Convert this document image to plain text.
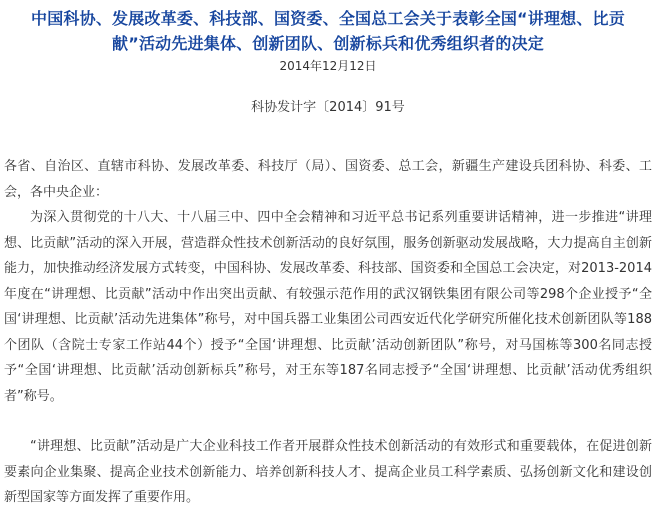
中国科协、发展改革委、科技部、国资委、全国总工会关于表彰全国“讲理想、比贡献”活动先进集体、创新团队、创新标兵和优秀组织者的决定
2014年12月12日
科协发计字〔2014〕91号

各省、自治区、直辖市科协、发展改革委、科技厅（局）、国资委、总工会，新疆生产建设兵团科协、科委、工会，各中央企业：

为深入贯彻党的十八大、十八届三中、四中全会精神和习近平总书记系列重要讲话精神，进一步推进“讲理想、比贡献”活动的深入开展，营造群众性技术创新活动的良好氛围，服务创新驱动发展战略，大力提高自主创新能力，加快推动经济发展方式转变，中国科协、发展改革委、科技部、国资委和全国总工会决定，对2013-2014年度在“讲理想、比贡献”活动中作出突出贡献、有较强示范作用的武汉钢铁集团有限公司等298个企业授予“全国‘讲理想、比贡献’活动先进集体”称号，对中国兵器工业集团公司西安近代化学研究所催化技术创新团队等188个团队（含院士专家工作站44个）授予“全国‘讲理想、比贡献’活动创新团队”称号，对马国栋等300名同志授予“全国‘讲理想、比贡献’活动创新标兵”称号，对王东等187名同志授予“全国‘讲理想、比贡献’活动优秀组织者”称号。

“讲理想、比贡献”活动是广大企业科技工作者开展群众性技术创新活动的有效形式和重要载体，在促进创新要素向企业集聚、提高企业技术创新能力、培养创新科技人才、提高企业员工科学素质、弘扬创新文化和建设创新型国家等方面发挥了重要作用。
